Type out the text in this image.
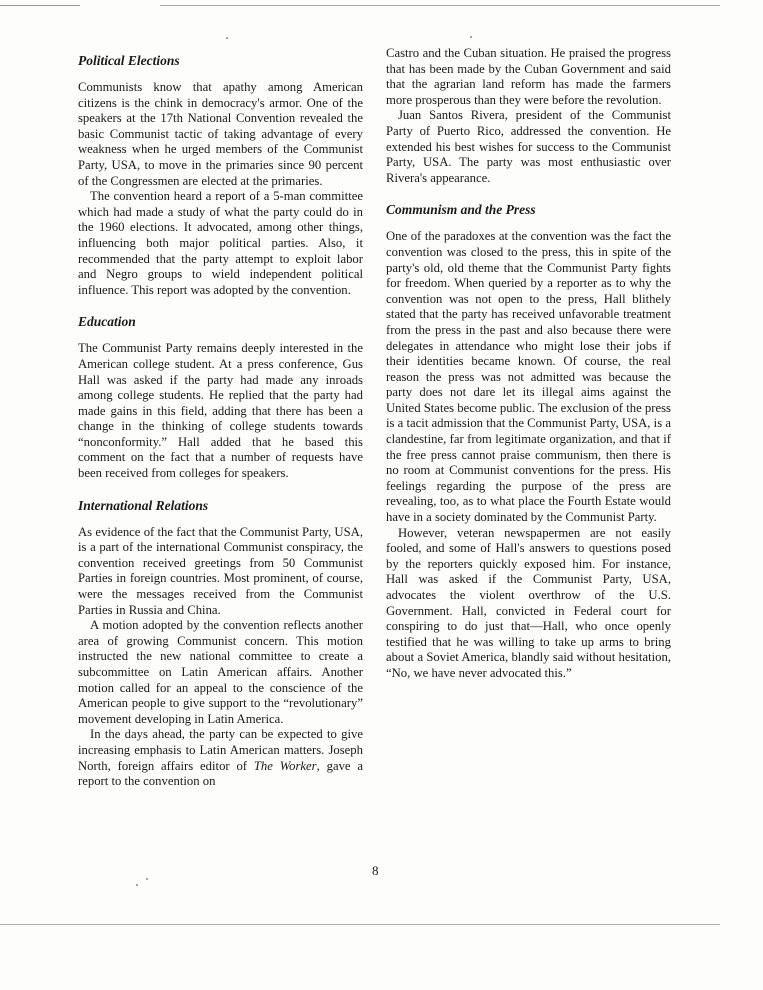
Political Elections

Communists know that apathy among American citizens is the chink in democracy's armor. One of the speakers at the 17th National Convention revealed the basic Communist tactic of taking advantage of every weakness when he urged members of the Communist Party, USA, to move in the primaries since 90 percent of the Congressmen are elected at the primaries.

The convention heard a report of a 5-man committee which had made a study of what the party could do in the 1960 elections. It advocated, among other things, influencing both major political parties. Also, it recommended that the party attempt to exploit labor and Negro groups to wield independent political influence. This report was adopted by the convention.

Education

The Communist Party remains deeply interested in the American college student. At a press conference, Gus Hall was asked if the party had made any inroads among college students. He replied that the party had made gains in this field, adding that there has been a change in the thinking of college students towards “nonconformity.” Hall added that he based this comment on the fact that a number of requests have been received from colleges for speakers.

International Relations

As evidence of the fact that the Communist Party, USA, is a part of the international Communist conspiracy, the convention received greetings from 50 Communist Parties in foreign countries. Most prominent, of course, were the messages received from the Communist Parties in Russia and China.

A motion adopted by the convention reflects another area of growing Communist concern. This motion instructed the new national committee to create a subcommittee on Latin American affairs. Another motion called for an appeal to the conscience of the American people to give support to the “revolutionary” movement developing in Latin America.

In the days ahead, the party can be expected to give increasing emphasis to Latin American matters. Joseph North, foreign affairs editor of The Worker, gave a report to the convention on

Castro and the Cuban situation. He praised the progress that has been made by the Cuban Government and said that the agrarian land reform has made the farmers more prosperous than they were before the revolution.

Juan Santos Rivera, president of the Communist Party of Puerto Rico, addressed the convention. He extended his best wishes for success to the Communist Party, USA. The party was most enthusiastic over Rivera's appearance.

Communism and the Press

One of the paradoxes at the convention was the fact the convention was closed to the press, this in spite of the party's old, old theme that the Communist Party fights for freedom. When queried by a reporter as to why the convention was not open to the press, Hall blithely stated that the party has received unfavorable treatment from the press in the past and also because there were delegates in attendance who might lose their jobs if their identities became known. Of course, the real reason the press was not admitted was because the party does not dare let its illegal aims against the United States become public. The exclusion of the press is a tacit admission that the Communist Party, USA, is a clandestine, far from legitimate organization, and that if the free press cannot praise communism, then there is no room at Communist conventions for the press. His feelings regarding the purpose of the press are revealing, too, as to what place the Fourth Estate would have in a society dominated by the Communist Party.

However, veteran newspapermen are not easily fooled, and some of Hall's answers to questions posed by the reporters quickly exposed him. For instance, Hall was asked if the Communist Party, USA, advocates the violent overthrow of the U.S. Government. Hall, convicted in Federal court for conspiring to do just that—Hall, who once openly testified that he was willing to take up arms to bring about a Soviet America, blandly said without hesitation, “No, we have never advocated this.”

8
